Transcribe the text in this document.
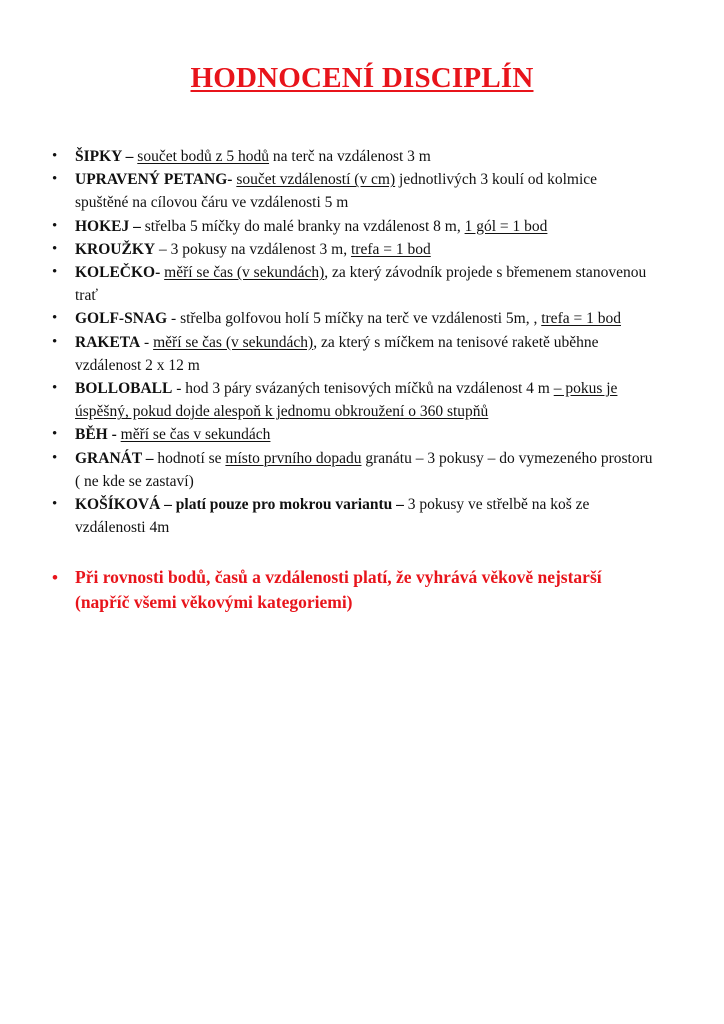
HODNOCENÍ DISCIPLÍN
• ŠIPKY – součet bodů z 5 hodů na terč na vzdálenost 3 m
• UPRAVENÝ PETANG- součet vzdáleností (v cm) jednotlivých 3 koulí od kolmice
spuštěné na cílovou čáru ve vzdálenosti 5 m
• HOKEJ – střelba 5 míčky do malé branky na vzdálenost 8 m, 1 gól = 1 bod
• KROUŽKY – 3 pokusy na vzdálenost 3 m, trefa = 1 bod
• KOLEČKO- měří se čas (v sekundách), za který závodník projede s břemenem stanovenou
trať
• GOLF-SNAG - střelba golfovou holí 5 míčky na terč ve vzdálenosti 5m, , trefa = 1 bod
• RAKETA - měří se čas (v sekundách), za který s míčkem na tenisové raketě uběhne
vzdálenost 2 x 12 m
• BOLLOBALL - hod 3 páry svázaných tenisových míčků na vzdálenost 4 m – pokus je
úspěšný, pokud dojde alespoň k jednomu obkroužení o 360 stupňů
• BĚH - měří se čas v sekundách
• GRANÁT – hodnotí se místo prvního dopadu granátu – 3 pokusy – do vymezeného prostoru
( ne kde se zastaví)
• KOŠÍKOVÁ – platí pouze pro mokrou variantu – 3 pokusy ve střelbě na koš ze
vzdálenosti 4m
• Při rovnosti bodů, časů a vzdálenosti platí, že vyhrává věkově nejstarší
(napříč všemi věkovými kategoriemi)
